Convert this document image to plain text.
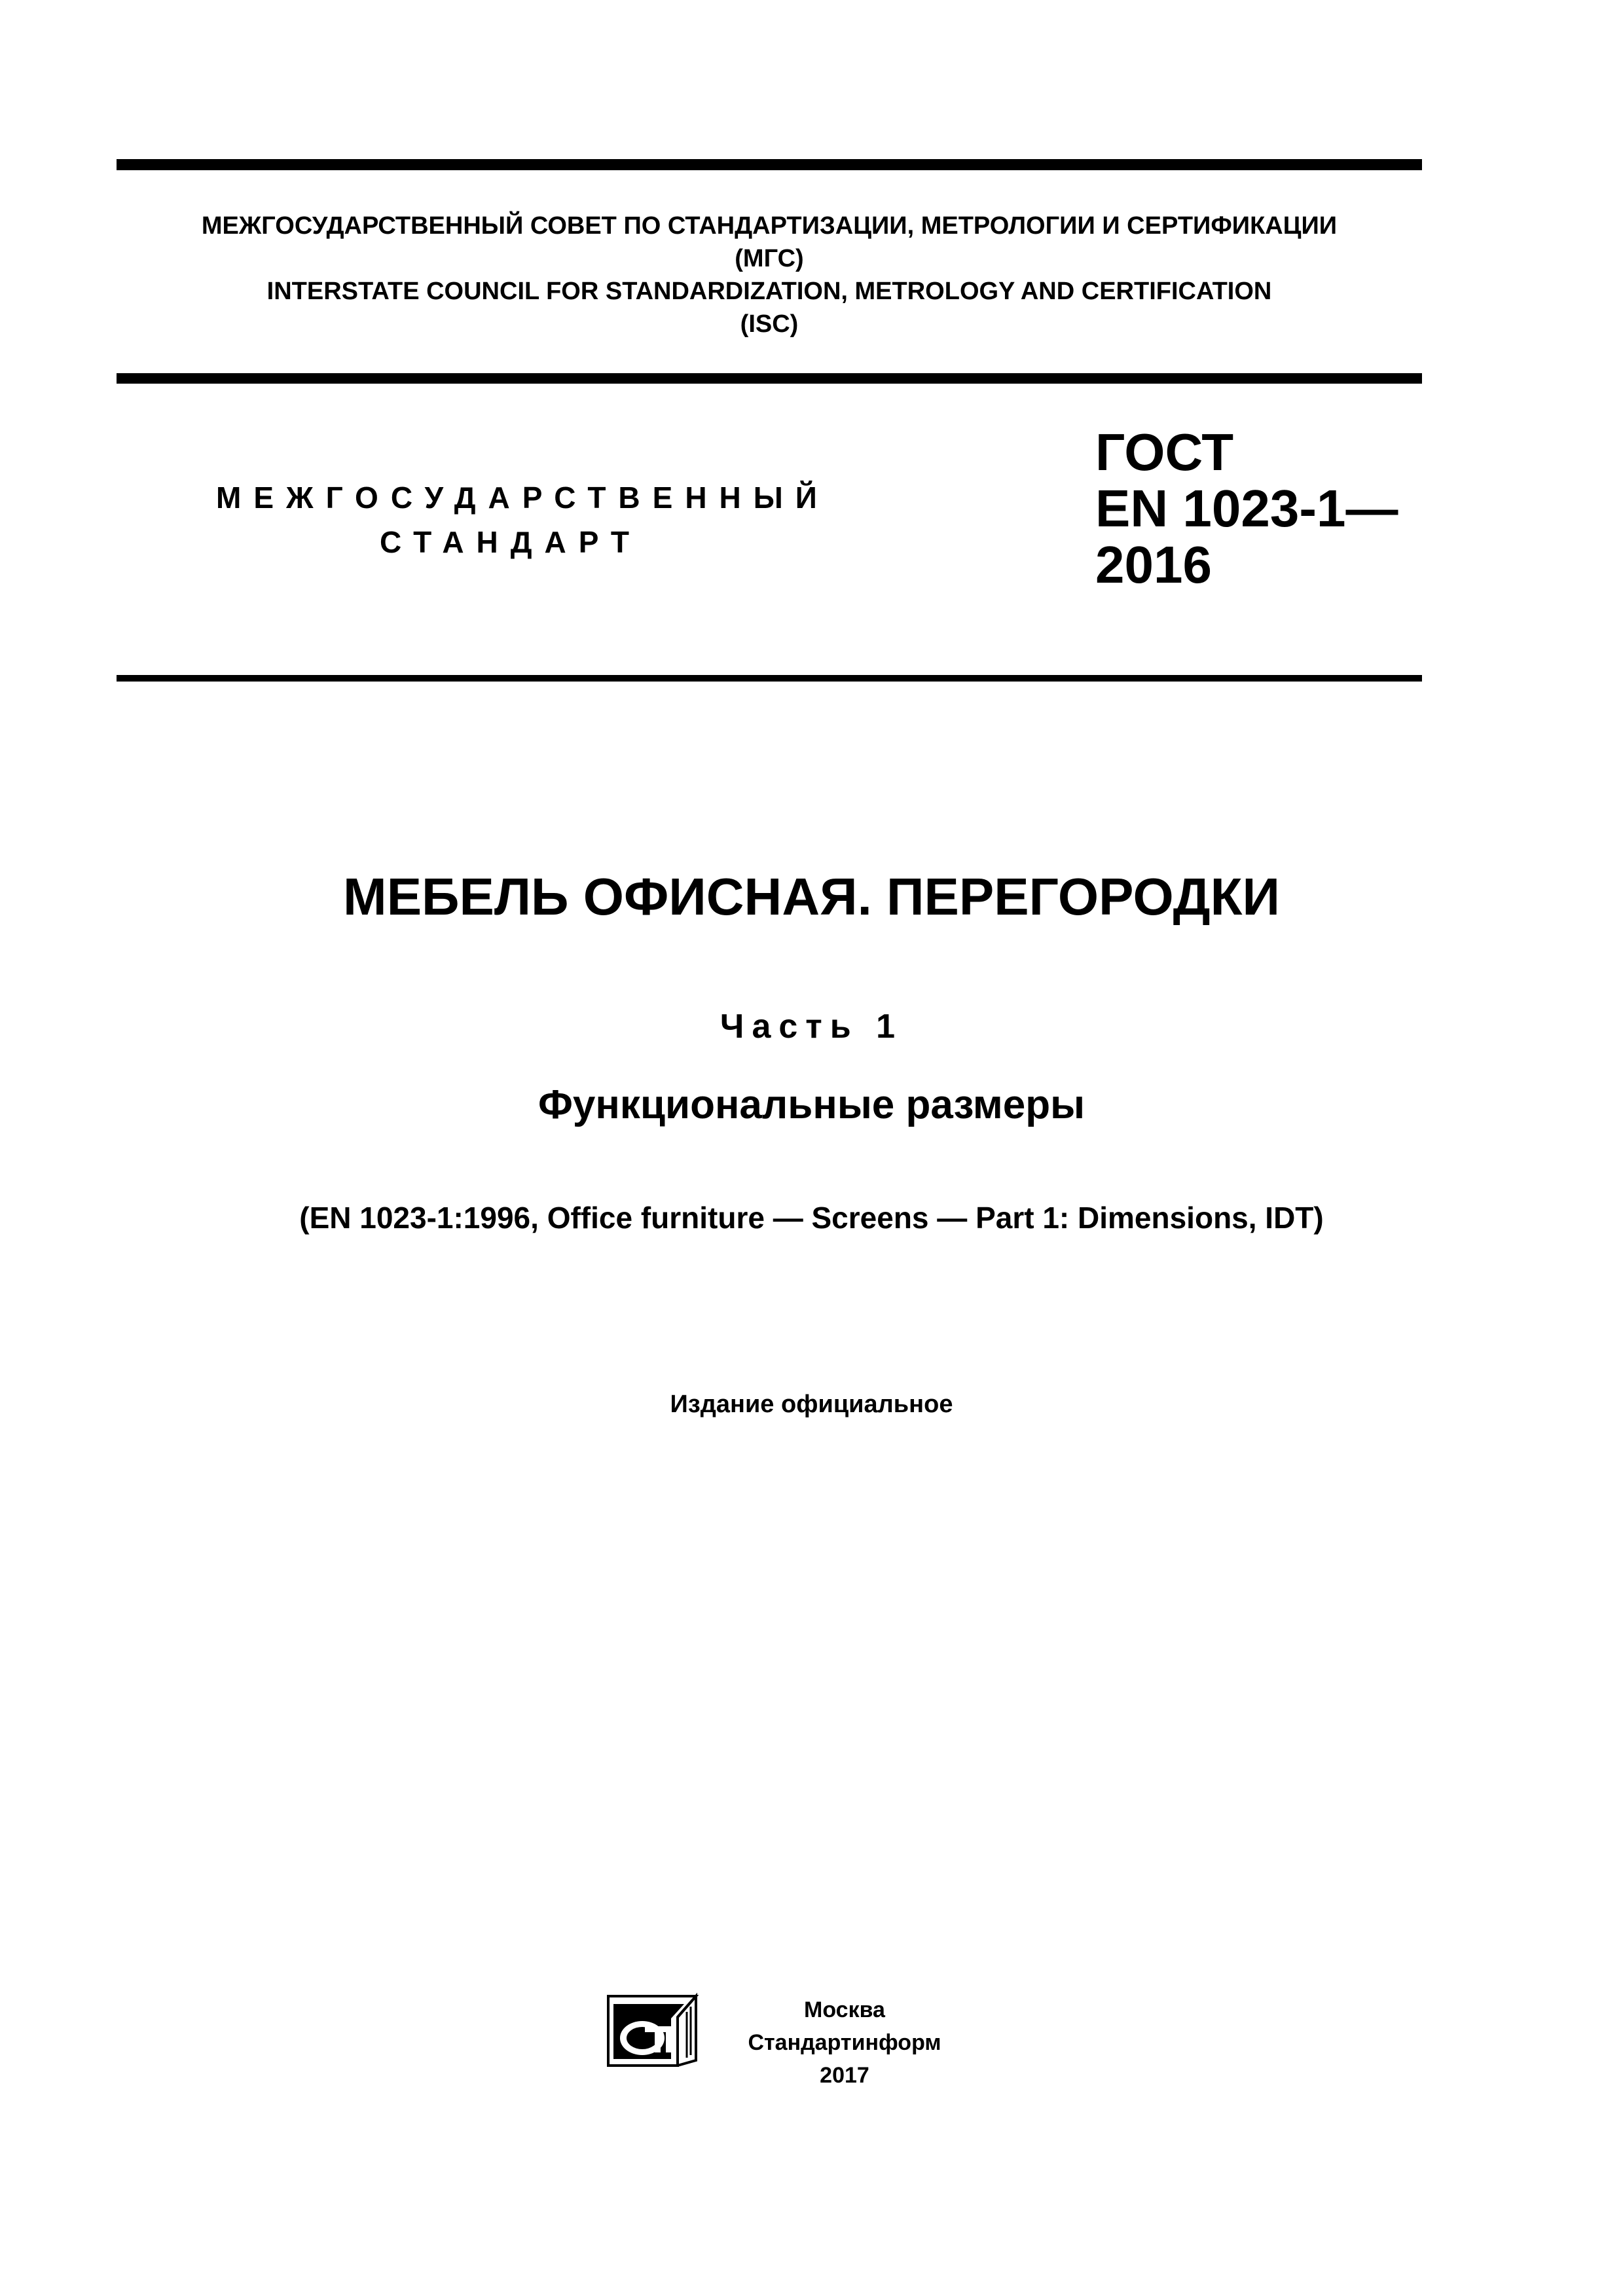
МЕЖГОСУДАРСТВЕННЫЙ СОВЕТ ПО СТАНДАРТИЗАЦИИ, МЕТРОЛОГИИ И СЕРТИФИКАЦИИ
(МГС)
INTERSTATE COUNCIL FOR STANDARDIZATION, METROLOGY AND CERTIFICATION
(ISC)
МЕЖГОСУДАРСТВЕННЫЙ
СТАНДАРТ
ГОСТ
EN 1023-1—
2016
МЕБЕЛЬ ОФИСНАЯ. ПЕРЕГОРОДКИ
Часть 1
Функциональные размеры
(EN 1023-1:1996, Office furniture — Screens — Part 1: Dimensions, IDT)
Издание официальное
Москва
Стандартинформ
2017
